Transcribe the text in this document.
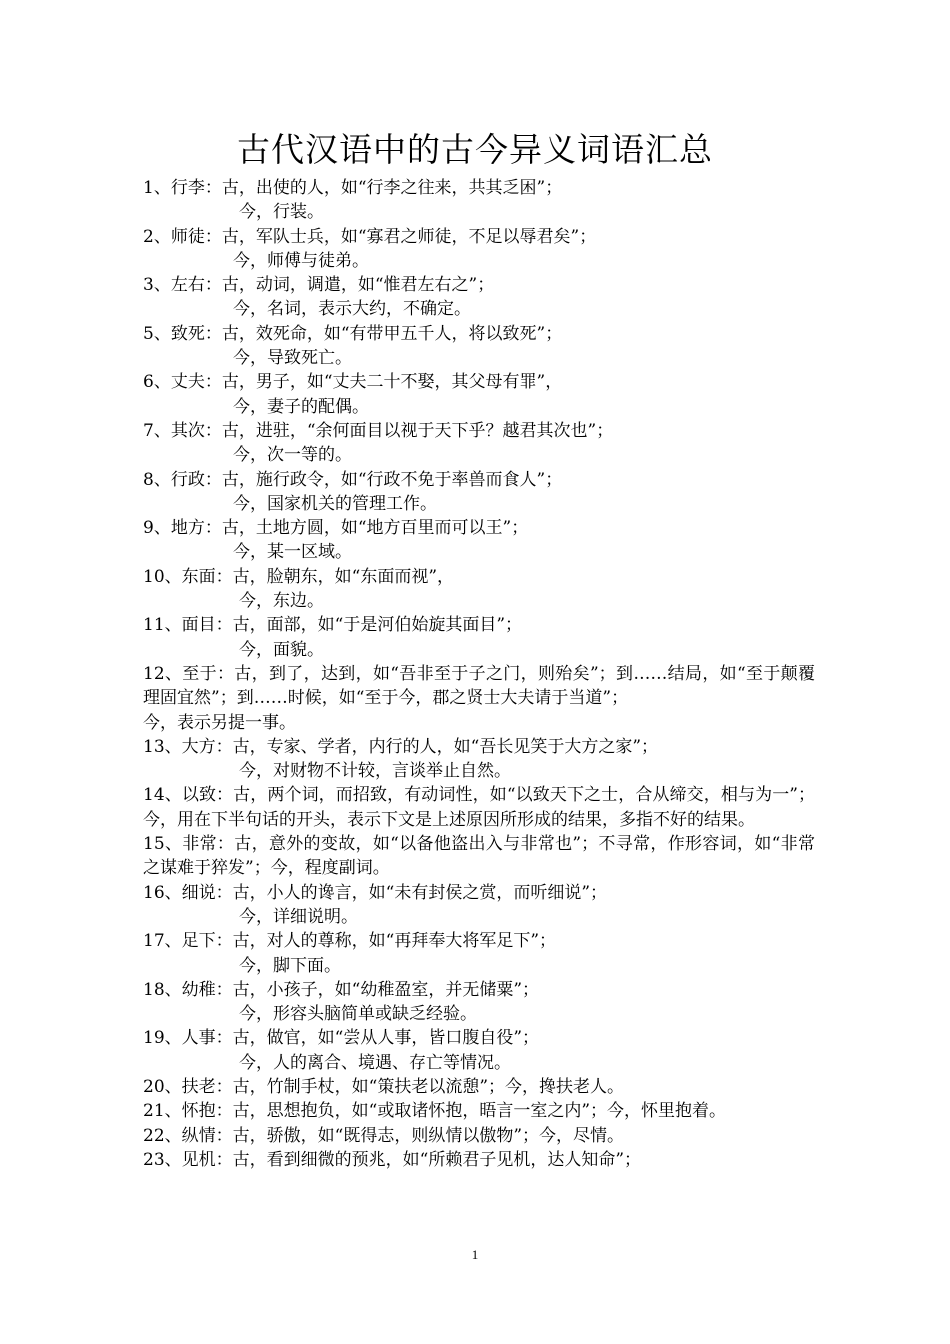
古代汉语中的古今异义词语汇总
1、行李：古，出使的人，如“行李之往来，共其乏困”；
今，行装。
2、师徒：古，军队士兵，如“寡君之师徒，不足以辱君矣”；
今，师傅与徒弟。
3、左右：古，动词，调遣，如“惟君左右之”；
今，名词，表示大约，不确定。
5、致死：古，效死命，如“有带甲五千人，将以致死”；
今，导致死亡。
6、丈夫：古，男子，如“丈夫二十不娶，其父母有罪”，
今，妻子的配偶。
7、其次：古，进驻，“余何面目以视于天下乎？越君其次也”；
今，次一等的。
8、行政：古，施行政令，如“行政不免于率兽而食人”；
今，国家机关的管理工作。
9、地方：古，土地方圆，如“地方百里而可以王”；
今，某一区域。
10、东面：古，脸朝东，如“东面而视”，
今，东边。
11、面目：古，面部，如“于是河伯始旋其面目”；
今，面貌。
12、至于：古，到了，达到，如“吾非至于子之门，则殆矣”；到……结局，如“至于颠覆理固宜然”；到……时候，如“至于今，郡之贤士大夫请于当道”；
今，表示另提一事。
13、大方：古，专家、学者，内行的人，如“吾长见笑于大方之家”；
今，对财物不计较，言谈举止自然。
14、以致：古，两个词，而招致，有动词性，如“以致天下之士，合从缔交，相与为一”；今，用在下半句话的开头，表示下文是上述原因所形成的结果，多指不好的结果。
15、非常：古，意外的变故，如“以备他盗出入与非常也”；不寻常，作形容词，如“非常之谋难于猝发”；今，程度副词。
16、细说：古，小人的谗言，如“未有封侯之赏，而听细说”；
今，详细说明。
17、足下：古，对人的尊称，如“再拜奉大将军足下”；
今，脚下面。
18、幼稚：古，小孩子，如“幼稚盈室，并无储粟”；
今，形容头脑简单或缺乏经验。
19、人事：古，做官，如“尝从人事，皆口腹自役”；
今，人的离合、境遇、存亡等情况。
20、扶老：古，竹制手杖，如“策扶老以流憩”；今，搀扶老人。
21、怀抱：古，思想抱负，如“或取诸怀抱，晤言一室之内”；今，怀里抱着。
22、纵情：古，骄傲，如“既得志，则纵情以傲物”；今，尽情。
23、见机：古，看到细微的预兆，如“所赖君子见机，达人知命”；
1
